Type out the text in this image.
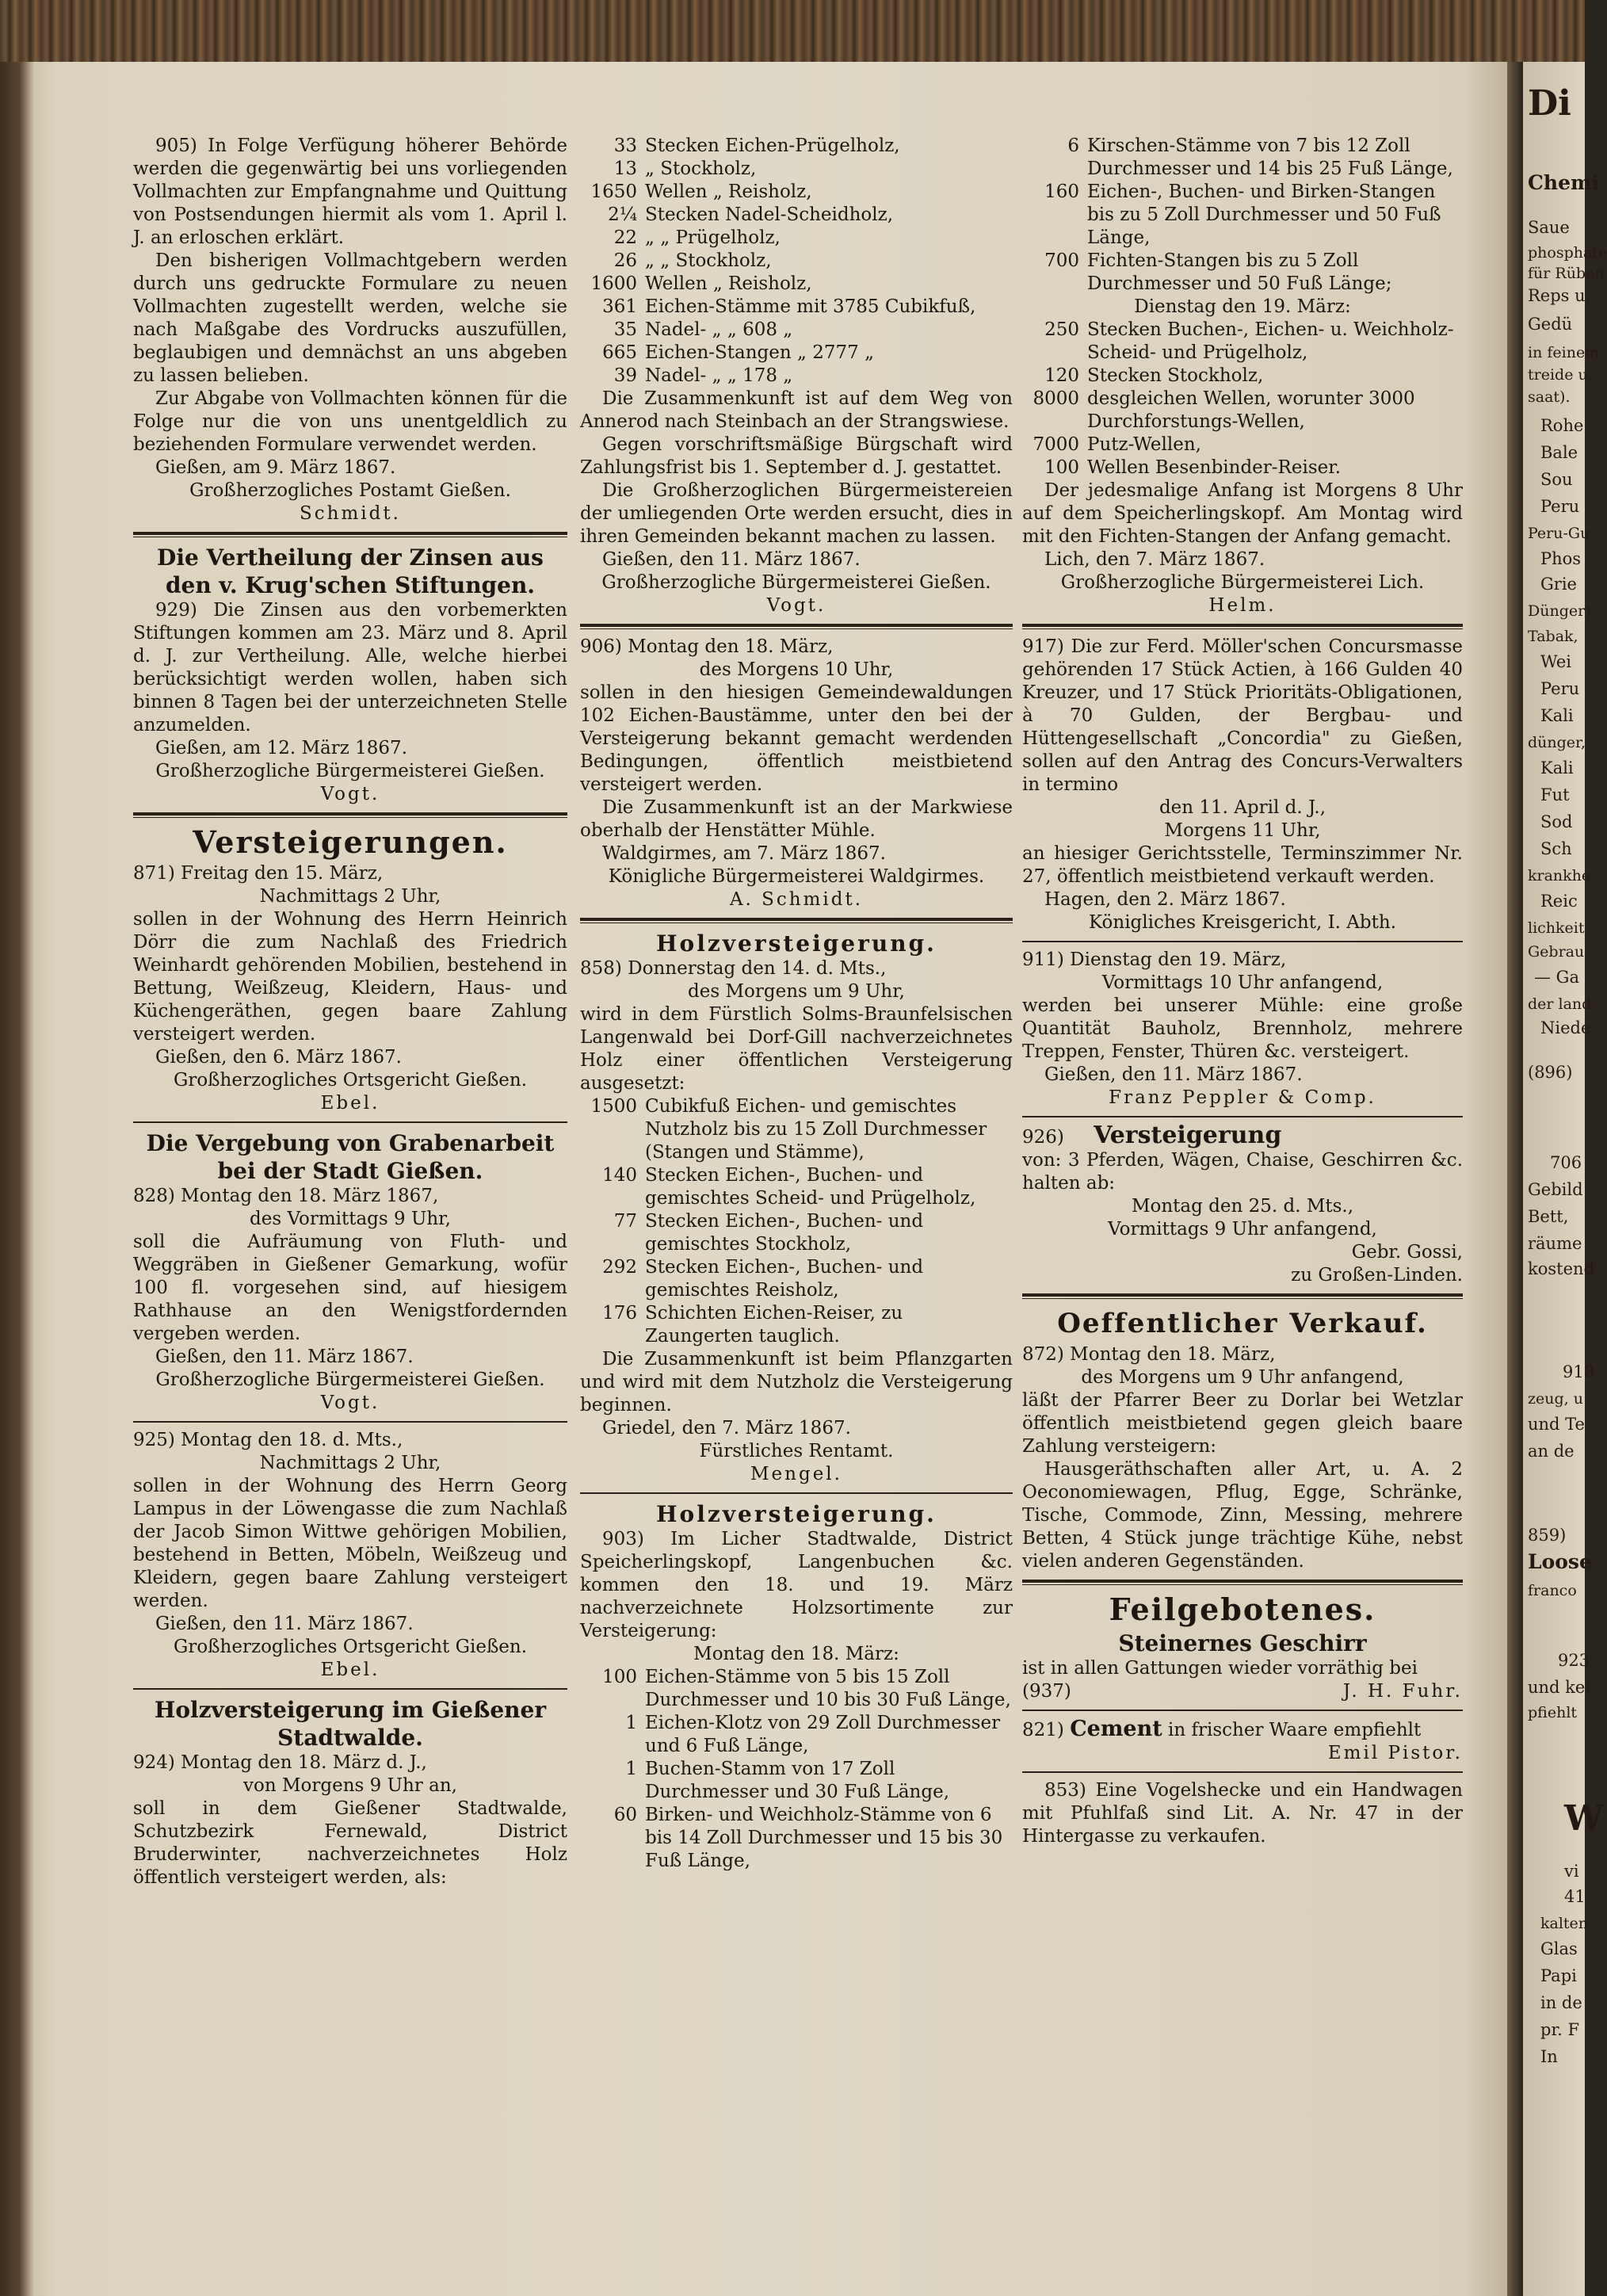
905) In Folge Verfügung höherer Behörde werden die gegenwärtig bei uns vorliegenden Vollmachten zur Empfangnahme und Quittung von Postsendungen hiermit als vom 1. April l. J. an erloschen erklärt.

Den bisherigen Vollmachtgebern werden durch uns gedruckte Formulare zu neuen Vollmachten zugestellt werden, welche sie nach Maßgabe des Vordrucks auszufüllen, beglaubigen und demnächst an uns abgeben zu lassen belieben.

Zur Abgabe von Vollmachten können für die Folge nur die von uns unentgeldlich zu beziehenden Formulare verwendet werden.

Gießen, am 9. März 1867.

Großherzogliches Postamt Gießen.

Schmidt.

Die Vertheilung der Zinsen aus den v. Krug'schen Stiftungen.

929) Die Zinsen aus den vorbemerkten Stiftungen kommen am 23. März und 8. April d. J. zur Vertheilung. Alle, welche hierbei berücksichtigt werden wollen, haben sich binnen 8 Tagen bei der unterzeichneten Stelle anzumelden.

Gießen, am 12. März 1867.

Großherzogliche Bürgermeisterei Gießen.

Vogt.

Versteigerungen.

871) Freitag den 15. März,

Nachmittags 2 Uhr,

sollen in der Wohnung des Herrn Heinrich Dörr die zum Nachlaß des Friedrich Weinhardt gehörenden Mobilien, bestehend in Bettung, Weißzeug, Kleidern, Haus- und Küchengeräthen, gegen baare Zahlung versteigert werden.

Gießen, den 6. März 1867.

Großherzogliches Ortsgericht Gießen.

Ebel.

Die Vergebung von Grabenarbeit bei der Stadt Gießen.

828) Montag den 18. März 1867,

des Vormittags 9 Uhr,

soll die Aufräumung von Fluth- und Weggräben in Gießener Gemarkung, wofür 100 fl. vorgesehen sind, auf hiesigem Rathhause an den Wenigstfordernden vergeben werden.

Gießen, den 11. März 1867.

Großherzogliche Bürgermeisterei Gießen.

Vogt.

925) Montag den 18. d. Mts.,

Nachmittags 2 Uhr,

sollen in der Wohnung des Herrn Georg Lampus in der Löwengasse die zum Nachlaß der Jacob Simon Wittwe gehörigen Mobilien, bestehend in Betten, Möbeln, Weißzeug und Kleidern, gegen baare Zahlung versteigert werden.

Gießen, den 11. März 1867.

Großherzogliches Ortsgericht Gießen.

Ebel.

Holzversteigerung im Gießener Stadtwalde.

924) Montag den 18. März d. J.,

von Morgens 9 Uhr an,

soll in dem Gießener Stadtwalde, Schutzbezirk Fernewald, District Bruderwinter, nachverzeichnetes Holz öffentlich versteigert werden, als:

33 Stecken Eichen-Prügelholz,
13 „ Stockholz,
1650 Wellen „ Reisholz,
2¼ Stecken Nadel-Scheidholz,
22 „ „ Prügelholz,
26 „ „ Stockholz,
1600 Wellen „ Reisholz,
361 Eichen-Stämme mit 3785 Cubikfuß,
35 Nadel- „ „ 608 „
665 Eichen-Stangen „ 2777 „
39 Nadel- „ „ 178 „

Die Zusammenkunft ist auf dem Weg von Annerod nach Steinbach an der Strangswiese.

Gegen vorschriftsmäßige Bürgschaft wird Zahlungsfrist bis 1. September d. J. gestattet.

Die Großherzoglichen Bürgermeistereien der umliegenden Orte werden ersucht, dies in ihren Gemeinden bekannt machen zu lassen.

Gießen, den 11. März 1867.

Großherzogliche Bürgermeisterei Gießen.

Vogt.

906) Montag den 18. März,

des Morgens 10 Uhr,

sollen in den hiesigen Gemeindewaldungen 102 Eichen-Baustämme, unter den bei der Versteigerung bekannt gemacht werdenden Bedingungen, öffentlich meistbietend versteigert werden.

Die Zusammenkunft ist an der Markwiese oberhalb der Henstätter Mühle.

Waldgirmes, am 7. März 1867.

Königliche Bürgermeisterei Waldgirmes.

A. Schmidt.

Holzversteigerung.

858) Donnerstag den 14. d. Mts.,

des Morgens um 9 Uhr,

wird in dem Fürstlich Solms-Braunfelsischen Langenwald bei Dorf-Gill nachverzeichnetes Holz einer öffentlichen Versteigerung ausgesetzt:

1500 Cubikfuß Eichen- und gemischtes Nutzholz bis zu 15 Zoll Durchmesser (Stangen und Stämme),
140 Stecken Eichen-, Buchen- und gemischtes Scheid- und Prügelholz,
77 Stecken Eichen-, Buchen- und gemischtes Stockholz,
292 Stecken Eichen-, Buchen- und gemischtes Reisholz,
176 Schichten Eichen-Reiser, zu Zaungerten tauglich.

Die Zusammenkunft ist beim Pflanzgarten und wird mit dem Nutzholz die Versteigerung beginnen.

Griedel, den 7. März 1867.

Fürstliches Rentamt.

Mengel.

Holzversteigerung.

903) Im Licher Stadtwalde, District Speicherlingskopf, Langenbuchen &c. kommen den 18. und 19. März nachverzeichnete Holzsortimente zur Versteigerung:

Montag den 18. März:

100 Eichen-Stämme von 5 bis 15 Zoll Durchmesser und 10 bis 30 Fuß Länge,
1 Eichen-Klotz von 29 Zoll Durchmesser und 6 Fuß Länge,
1 Buchen-Stamm von 17 Zoll Durchmesser und 30 Fuß Länge,
60 Birken- und Weichholz-Stämme von 6 bis 14 Zoll Durchmesser und 15 bis 30 Fuß Länge,
6 Kirschen-Stämme von 7 bis 12 Zoll Durchmesser und 14 bis 25 Fuß Länge,
160 Eichen-, Buchen- und Birken-Stangen bis zu 5 Zoll Durchmesser und 50 Fuß Länge,
700 Fichten-Stangen bis zu 5 Zoll Durchmesser und 50 Fuß Länge;

Dienstag den 19. März:

250 Stecken Buchen-, Eichen- u. Weichholz-Scheid- und Prügelholz,
120 Stecken Stockholz,
8000 desgleichen Wellen, worunter 3000 Durchforstungs-Wellen,
7000 Putz-Wellen,
100 Wellen Besenbinder-Reiser.

Der jedesmalige Anfang ist Morgens 8 Uhr auf dem Speicherlingskopf. Am Montag wird mit den Fichten-Stangen der Anfang gemacht.

Lich, den 7. März 1867.

Großherzogliche Bürgermeisterei Lich.

Helm.

917) Die zur Ferd. Möller'schen Concursmasse gehörenden 17 Stück Actien, à 166 Gulden 40 Kreuzer, und 17 Stück Prioritäts-Obligationen, à 70 Gulden, der Bergbau- und Hüttengesellschaft „Concordia" zu Gießen, sollen auf den Antrag des Concurs-Verwalters in termino

den 11. April d. J.,

Morgens 11 Uhr,

an hiesiger Gerichtsstelle, Terminszimmer Nr. 27, öffentlich meistbietend verkauft werden.

Hagen, den 2. März 1867.

Königliches Kreisgericht, I. Abth.

911) Dienstag den 19. März,

Vormittags 10 Uhr anfangend,

werden bei unserer Mühle: eine große Quantität Bauholz, Brennholz, mehrere Treppen, Fenster, Thüren &c. versteigert.

Gießen, den 11. März 1867.

Franz Peppler & Comp.

926) Versteigerung

von: 3 Pferden, Wägen, Chaise, Geschirren &c. halten ab:

Montag den 25. d. Mts.,

Vormittags 9 Uhr anfangend,

Gebr. Gossi,

zu Großen-Linden.

Oeffentlicher Verkauf.

872) Montag den 18. März,

des Morgens um 9 Uhr anfangend,

läßt der Pfarrer Beer zu Dorlar bei Wetzlar öffentlich meistbietend gegen gleich baare Zahlung versteigern:

Hausgeräthschaften aller Art, u. A. 2 Oeconomiewagen, Pflug, Egge, Schränke, Tische, Commode, Zinn, Messing, mehrere Betten, 4 Stück junge trächtige Kühe, nebst vielen anderen Gegenständen.

Feilgebotenes.

Steinernes Geschirr

ist in allen Gattungen wieder vorräthig bei

(937)	J. H. Fuhr.

821) Cement in frischer Waare empfiehlt

Emil Pistor.

853) Eine Vogelshecke und ein Handwagen mit Pfuhlfaß sind Lit. A. Nr. 47 in der Hintergasse zu verkaufen.

Di
Chemi
Saue
phosphate
für Rüben
Reps u.
Gedü
in feinem
treide u.
saat).
Rohe
Bale
Sou
Peru
Peru-Gu
Phos
Grie
Dünger)
Tabak,
Wei
Peru
Kali
dünger,
Kali
Fut
Sod
Sch
krankhe
Reic
lichkeit.
Gebrau
— Ga
der land
Niede
(896)
706
Gebild
Bett,
räume
kostend
918
zeug, u
und Te
an de
859)
Loose
franco
923
und kei
pfiehlt
W
vi
41
kalten
Glas
Papi
in de
pr. F
In
